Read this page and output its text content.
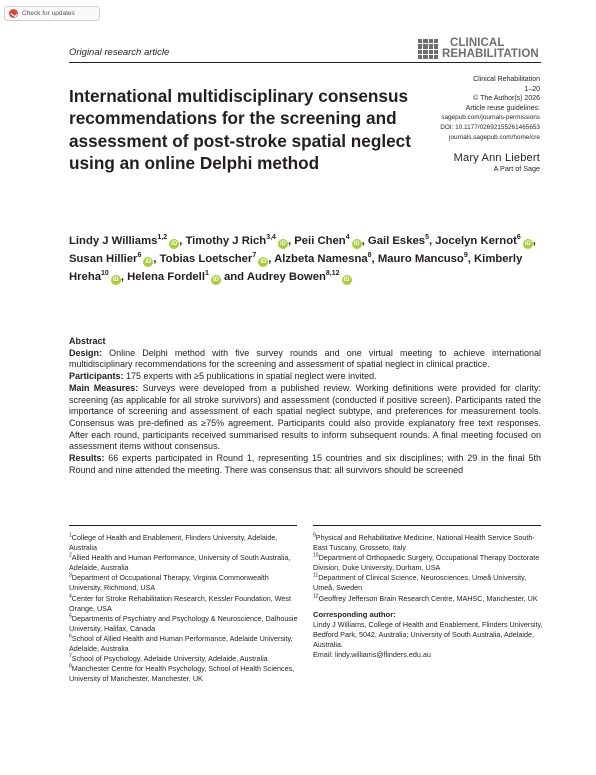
Check for updates
Original research article
CLINICAL
REHABILITATION
Clinical Rehabilitation
1–20
© The Author(s) 2026
Article reuse guidelines:
sagepub.com/journals-permissions
DOI: 10.1177/02692155261465653
journals.sagepub.com/home/cre
Mary Ann Liebert
A Part of Sage
International multidisciplinary consensus recommendations for the screening and assessment of post-stroke spatial neglect using an online Delphi method
Lindy J Williams$^{1,2}$iD , Timothy J Rich$^{3,4}$iD , Peii Chen$^4$iD , Gail Eskes$^5$, Jocelyn Kernot$^6$iD , Susan Hillier$^6$iD , Tobias Loetscher$^7$iD , Alzbeta Namesna$^8$, Mauro Mancuso$^9$, Kimberly Hreha$^{10}$iD , Helena Fordell$^1$iD and Audrey Bowen$^{8,12}$iD
Abstract

Design: Online Delphi method with five survey rounds and one virtual meeting to achieve international multidisciplinary recommendations for the screening and assessment of spatial neglect in clinical practice.

Participants: 175 experts with ≥5 publications in spatial neglect were invited.

Main Measures: Surveys were developed from a published review. Working definitions were provided for clarity: screening (as applicable for all stroke survivors) and assessment (conducted if positive screen). Participants rated the importance of screening and assessment of each spatial neglect subtype, and preferences for measurement tools. Consensus was pre-defined as ≥75% agreement. Participants could also provide explanatory free text responses. After each round, participants received summarised results to inform subsequent rounds. A final meeting focused on assessment items without consensus.

Results: 66 experts participated in Round 1, representing 15 countries and six disciplines; with 29 in the final 5th Round and nine attended the meeting. There was consensus that: all survivors should be screened

$^1$College of Health and Enablement, Flinders University, Adelaide, Australia
$^2$Allied Health and Human Performance, University of South Australia, Adelaide, Australia
$^3$Department of Occupational Therapy, Virginia Commonwealth University, Richmond, USA
$^4$Center for Stroke Rehabilitation Research, Kessler Foundation, West Orange, USA
$^5$Departments of Psychiatry and Psychology & Neuroscience, Dalhousie University, Halifax, Canada
$^6$School of Allied Health and Human Performance, Adelaide University, Adelaide, Australia
$^7$School of Psychology, Adelaide University, Adelaide, Australia
$^8$Manchester Centre for Health Psychology, School of Health Sciences, University of Manchester, Manchester, UK
$^9$Physical and Rehabilitative Medicine, National Health Service South-East Tuscany, Grosseto, Italy
$^{10}$Department of Orthopaedic Surgery, Occupational Therapy Doctorate Division, Duke University, Durham, USA
$^{11}$Department of Clinical Science, Neurosciences, Umeå University, Umeå, Sweden
$^{12}$Geoffrey Jefferson Brain Research Centre, MAHSC, Manchester, UK
Corresponding author:
Lindy J Williams, College of Health and Enablement, Flinders University, Bedford Park, 5042, Australia; University of South Australia, Adelaide, Australia.
Email: lindy.williams@flinders.edu.au
